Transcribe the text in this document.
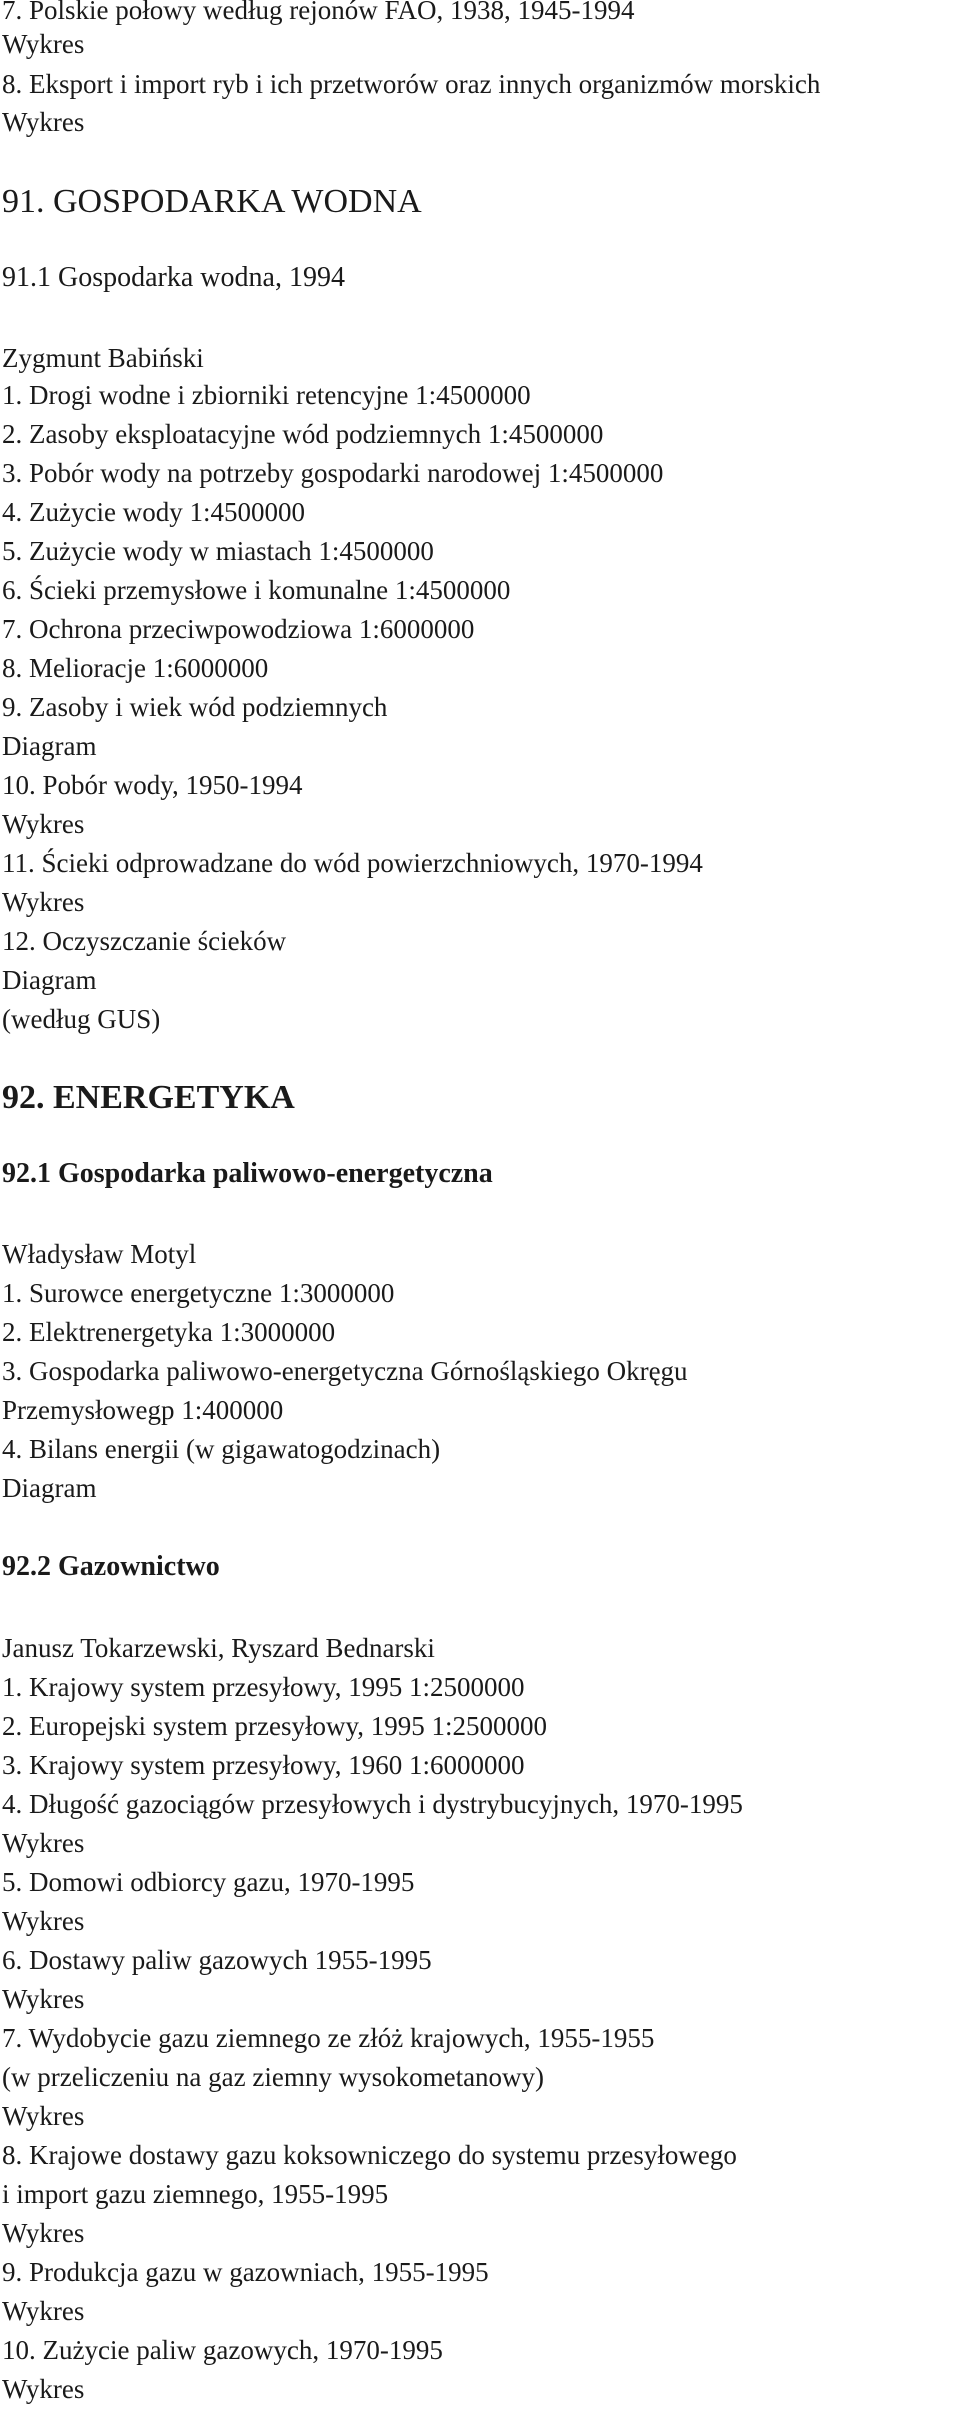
7. Polskie połowy według rejonów FAO, 1938, 1945-1994

Wykres

8. Eksport i import ryb i ich przetworów oraz innych organizmów morskich

Wykres

91. GOSPODARKA WODNA

91.1 Gospodarka wodna, 1994

Zygmunt Babiński

1. Drogi wodne i zbiorniki retencyjne 1:4500000

2. Zasoby eksploatacyjne wód podziemnych 1:4500000

3. Pobór wody na potrzeby gospodarki narodowej 1:4500000

4. Zużycie wody 1:4500000

5. Zużycie wody w miastach 1:4500000

6. Ścieki przemysłowe i komunalne 1:4500000

7. Ochrona przeciwpowodziowa 1:6000000

8. Melioracje 1:6000000

9. Zasoby i wiek wód podziemnych

Diagram

10. Pobór wody, 1950-1994

Wykres

11. Ścieki odprowadzane do wód powierzchniowych, 1970-1994

Wykres

12. Oczyszczanie ścieków

Diagram

(według GUS)

92. ENERGETYKA

92.1 Gospodarka paliwowo-energetyczna

Władysław Motyl

1. Surowce energetyczne 1:3000000

2. Elektrenergetyka 1:3000000

3. Gospodarka paliwowo-energetyczna Górnośląskiego Okręgu

Przemysłowegp 1:400000

4. Bilans energii (w gigawatogodzinach)

Diagram

92.2 Gazownictwo

Janusz Tokarzewski, Ryszard Bednarski

1. Krajowy system przesyłowy, 1995 1:2500000

2. Europejski system przesyłowy, 1995 1:2500000

3. Krajowy system przesyłowy, 1960 1:6000000

4. Długość gazociągów przesyłowych i dystrybucyjnych, 1970-1995

Wykres

5. Domowi odbiorcy gazu, 1970-1995

Wykres

6. Dostawy paliw gazowych 1955-1995

Wykres

7. Wydobycie gazu ziemnego ze złóż krajowych, 1955-1955

(w przeliczeniu na gaz ziemny wysokometanowy)

Wykres

8. Krajowe dostawy gazu koksowniczego do systemu przesyłowego

i import gazu ziemnego, 1955-1995

Wykres

9. Produkcja gazu w gazowniach, 1955-1995

Wykres

10. Zużycie paliw gazowych, 1970-1995

Wykres
